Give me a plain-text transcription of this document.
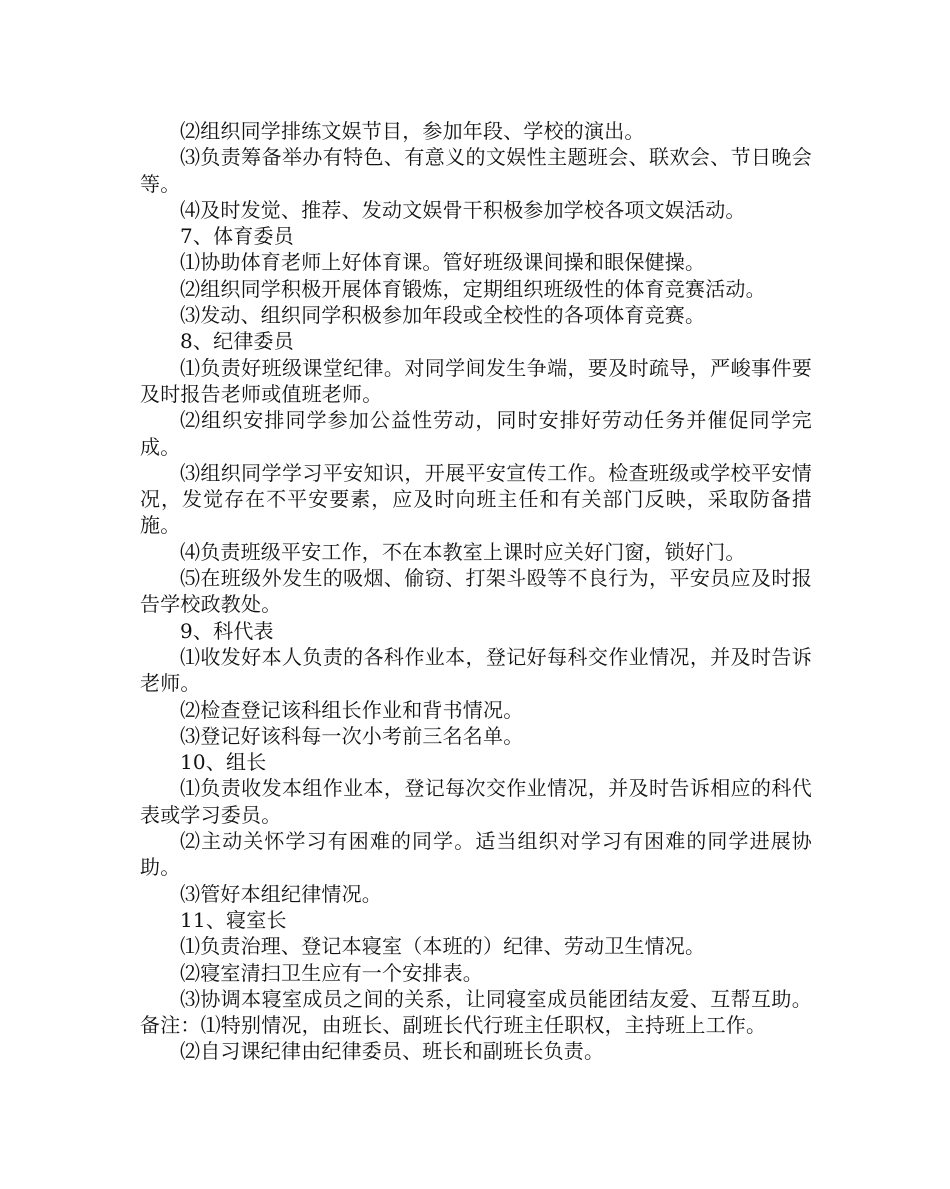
⑵组织同学排练文娱节目，参加年段、学校的演出。

⑶负责筹备举办有特色、有意义的文娱性主题班会、联欢会、节日晚会等。

⑷及时发觉、推荐、发动文娱骨干积极参加学校各项文娱活动。

7、体育委员

⑴协助体育老师上好体育课。管好班级课间操和眼保健操。

⑵组织同学积极开展体育锻炼，定期组织班级性的体育竞赛活动。

⑶发动、组织同学积极参加年段或全校性的各项体育竞赛。

8、纪律委员

⑴负责好班级课堂纪律。对同学间发生争端，要及时疏导，严峻事件要及时报告老师或值班老师。

⑵组织安排同学参加公益性劳动，同时安排好劳动任务并催促同学完成。

⑶组织同学学习平安知识，开展平安宣传工作。检查班级或学校平安情况，发觉存在不平安要素，应及时向班主任和有关部门反映，采取防备措施。

⑷负责班级平安工作，不在本教室上课时应关好门窗，锁好门。

⑸在班级外发生的吸烟、偷窃、打架斗殴等不良行为，平安员应及时报告学校政教处。

9、科代表

⑴收发好本人负责的各科作业本，登记好每科交作业情况，并及时告诉老师。

⑵检查登记该科组长作业和背书情况。

⑶登记好该科每一次小考前三名名单。

10、组长

⑴负责收发本组作业本，登记每次交作业情况，并及时告诉相应的科代表或学习委员。

⑵主动关怀学习有困难的同学。适当组织对学习有困难的同学进展协助。

⑶管好本组纪律情况。

11、寝室长

⑴负责治理、登记本寝室（本班的）纪律、劳动卫生情况。

⑵寝室清扫卫生应有一个安排表。

⑶协调本寝室成员之间的关系，让同寝室成员能团结友爱、互帮互助。备注：⑴特别情况，由班长、副班长代行班主任职权，主持班上工作。

⑵自习课纪律由纪律委员、班长和副班长负责。
